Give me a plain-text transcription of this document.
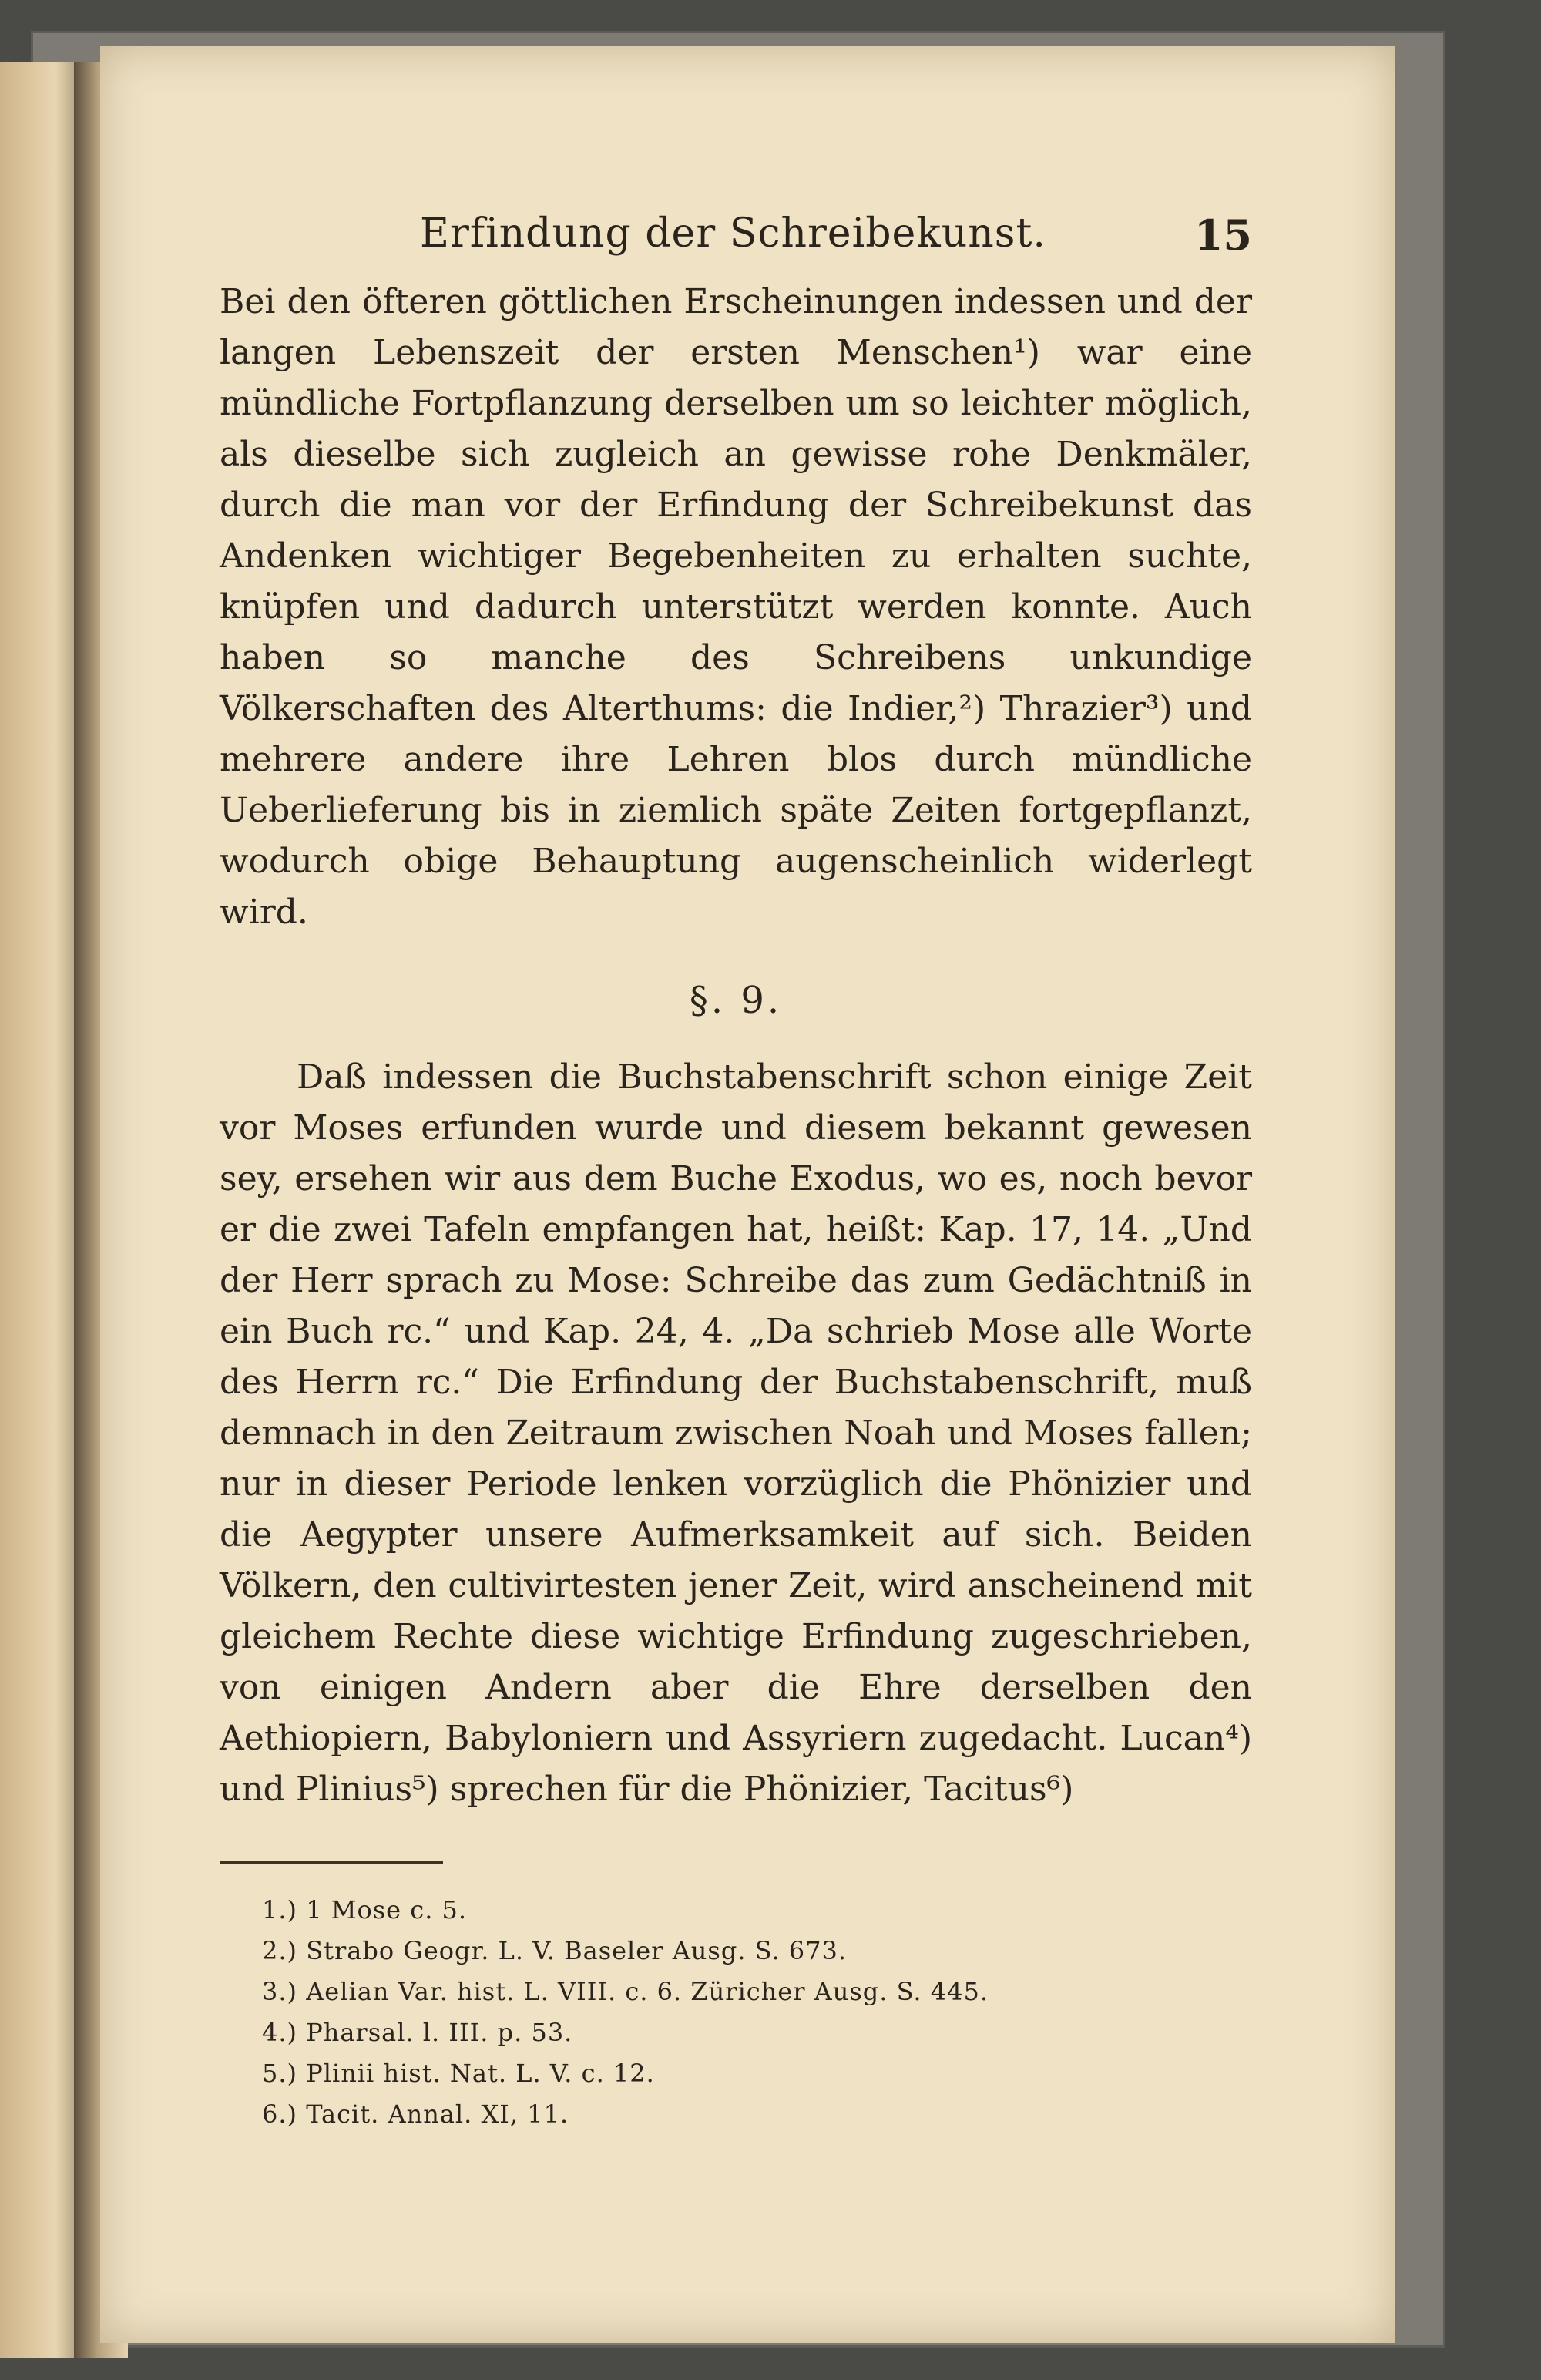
Erfindung der Schreibekunst.	15

Bei den öfteren göttlichen Erscheinungen indessen und der langen Lebenszeit der ersten Menschen¹) war eine mündliche Fortpflanzung derselben um so leichter möglich, als dieselbe sich zugleich an gewisse rohe Denkmäler, durch die man vor der Erfindung der Schreibekunst das Andenken wichtiger Begebenheiten zu erhalten suchte, knüpfen und dadurch unterstützt werden konnte. Auch haben so manche des Schreibens unkundige Völkerschaften des Alterthums: die Indier,²) Thrazier³) und mehrere andere ihre Lehren blos durch mündliche Ueberlieferung bis in ziemlich späte Zeiten fortgepflanzt, wodurch obige Behauptung augenscheinlich widerlegt wird.

§. 9.

Daß indessen die Buchstabenschrift schon einige Zeit vor Moses erfunden wurde und diesem bekannt gewesen sey, ersehen wir aus dem Buche Exodus, wo es, noch bevor er die zwei Tafeln empfangen hat, heißt: Kap. 17, 14. „Und der Herr sprach zu Mose: Schreibe das zum Gedächtniß in ein Buch rc.“ und Kap. 24, 4. „Da schrieb Mose alle Worte des Herrn rc.“ Die Erfindung der Buchstabenschrift, muß demnach in den Zeitraum zwischen Noah und Moses fallen; nur in dieser Periode lenken vorzüglich die Phönizier und die Aegypter unsere Aufmerksamkeit auf sich. Beiden Völkern, den cultivirtesten jener Zeit, wird anscheinend mit gleichem Rechte diese wichtige Erfindung zugeschrieben, von einigen Andern aber die Ehre derselben den Aethiopiern, Babyloniern und Assyriern zugedacht. Lucan⁴) und Plinius⁵) sprechen für die Phönizier, Tacitus⁶)

1.) 1 Mose c. 5.
2.) Strabo Geogr. L. V. Baseler Ausg. S. 673.
3.) Aelian Var. hist. L. VIII. c. 6. Züricher Ausg. S. 445.
4.) Pharsal. l. III. p. 53.
5.) Plinii hist. Nat. L. V. c. 12.
6.) Tacit. Annal. XI, 11.
